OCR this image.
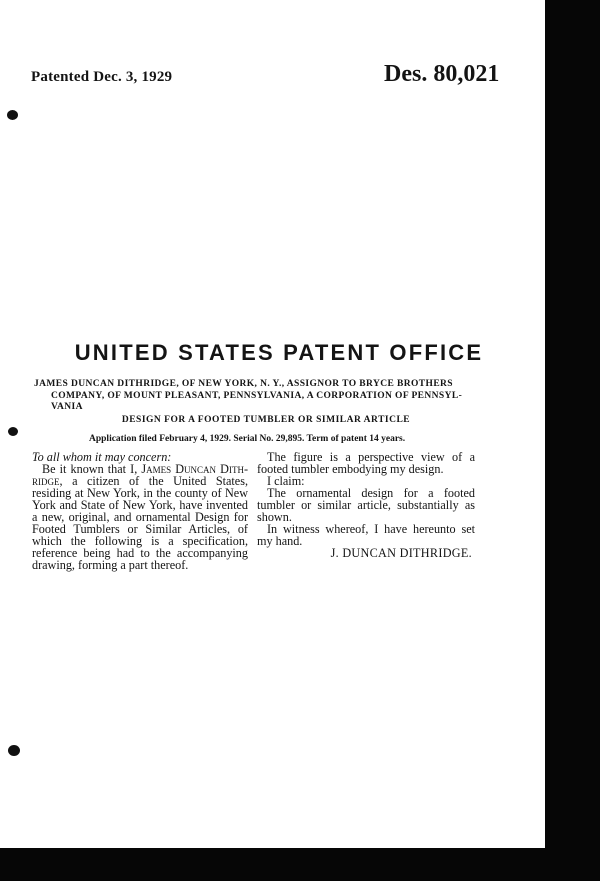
Patented Dec. 3, 1929	Des. 80,021
UNITED STATES PATENT OFFICE
JAMES DUNCAN DITHRIDGE, OF NEW YORK, N. Y., ASSIGNOR TO BRYCE BROTHERS
COMPANY, OF MOUNT PLEASANT, PENNSYLVANIA, A CORPORATION OF PENNSYL-
VANIA
DESIGN FOR A FOOTED TUMBLER OR SIMILAR ARTICLE
Application filed February 4, 1929. Serial No. 29,895. Term of patent 14 years.

To all whom it may concern:

Be it known that I, James Duncan Dith- ridge, a citizen of the United States, residing at New York, in the county of New York and State of New York, have invented a new, original, and ornamental Design for Footed Tumblers or Similar Articles, of which the following is a specification, reference being had to the accompanying drawing, forming a part thereof.

The figure is a perspective view of a footed tumbler embodying my design.

I claim:

The ornamental design for a footed tumbler or similar article, substantially as shown.

In witness whereof, I have hereunto set my hand.

J. DUNCAN DITHRIDGE.
